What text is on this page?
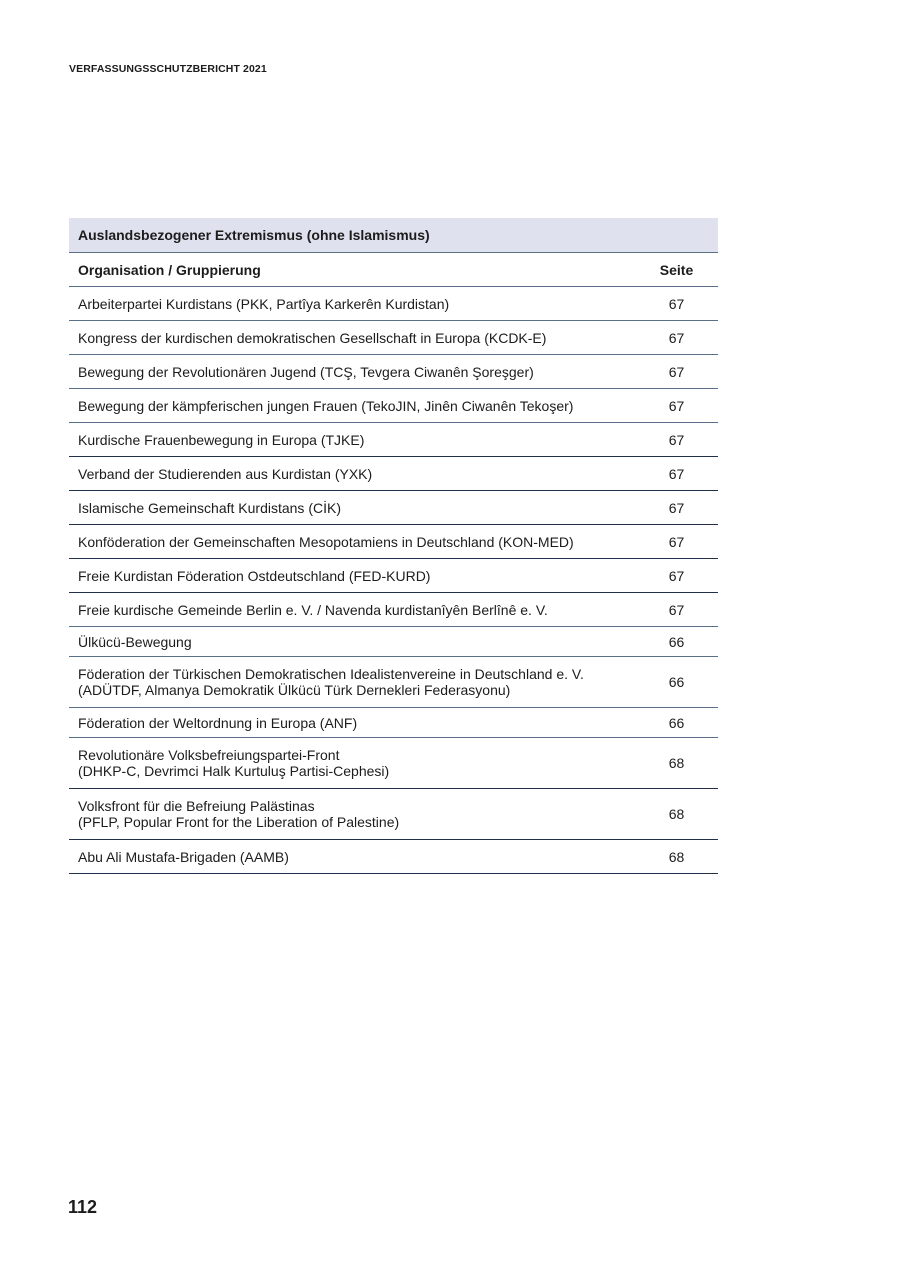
VERFASSUNGSSCHUTZBERICHT 2021
Auslandsbezogener Extremismus (ohne Islamismus)	
Organisation / Gruppierung	Seite

Arbeiterpartei Kurdistans (PKK, Partîya Karkerên Kurdistan)	67

Kongress der kurdischen demokratischen Gesellschaft in Europa (KCDK-E)	67

Bewegung der Revolutionären Jugend (TCŞ, Tevgera Ciwanên Şoreşger)	67

Bewegung der kämpferischen jungen Frauen (TekoJIN, Jinên Ciwanên Tekoşer)	67

Kurdische Frauenbewegung in Europa (TJKE)	67

Verband der Studierenden aus Kurdistan (YXK)	67

Islamische Gemeinschaft Kurdistans (CİK)	67

Konföderation der Gemeinschaften Mesopotamiens in Deutschland (KON-MED)	67

Freie Kurdistan Föderation Ostdeutschland (FED-KURD)	67

Freie kurdische Gemeinde Berlin e. V. / Navenda kurdistanîyên Berlînê e. V.	67

Ülkücü-Bewegung	66

Föderation der Türkischen Demokratischen Idealistenvereine in Deutschland e. V.
(ADÜTDF, Almanya Demokratik Ülkücü Türk Dernekleri Federasyonu)	66

Föderation der Weltordnung in Europa (ANF)	66

Revolutionäre Volksbefreiungspartei-Front
(DHKP-C, Devrimci Halk Kurtuluş Partisi-Cephesi)	68

Volksfront für die Befreiung Palästinas
(PFLP, Popular Front for the Liberation of Palestine)	68

Abu Ali Mustafa-Brigaden (AAMB)	68
112
